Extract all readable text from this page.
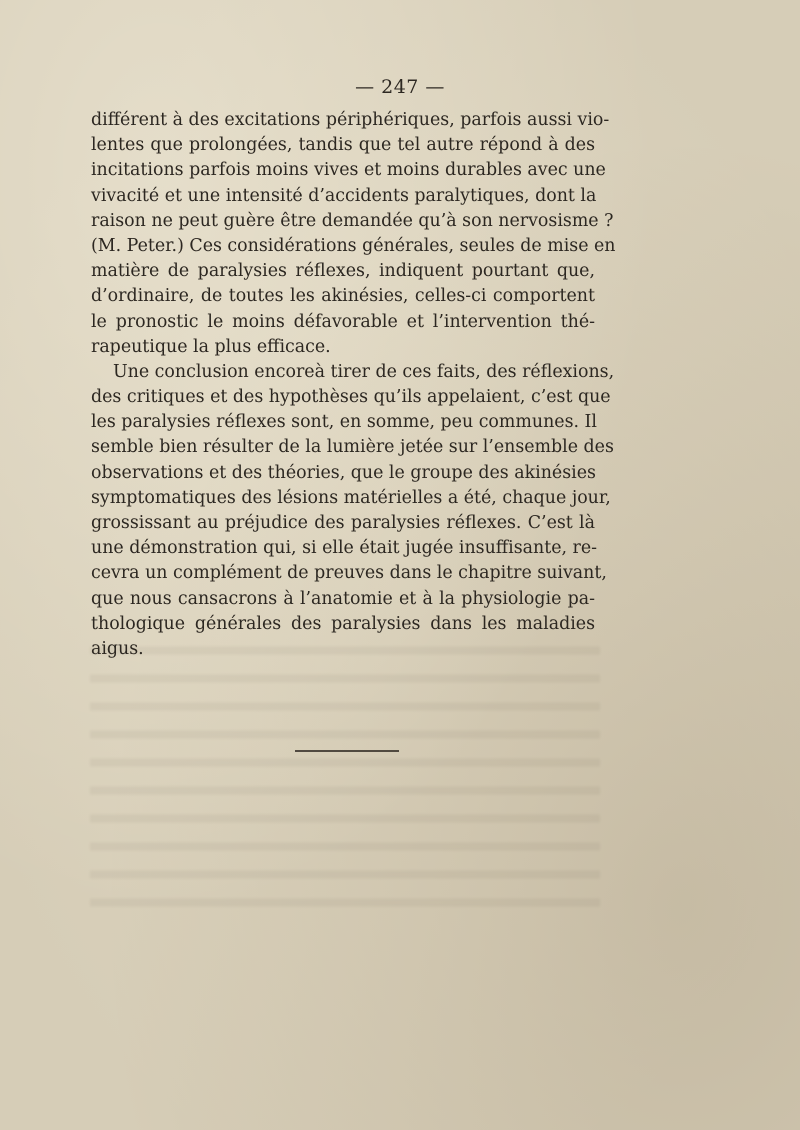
— 247 —
différent à des excitations périphériques, parfois aussi vio-
lentes que prolongées, tandis que tel autre répond à des
incitations parfois moins vives et moins durables avec une
vivacité et une intensité d’accidents paralytiques, dont la
raison ne peut guère être demandée qu’à son nervosisme ?
(M. Peter.) Ces considérations générales, seules de mise en
matière de paralysies réflexes, indiquent pourtant que,
d’ordinaire, de toutes les akinésies, celles-ci comportent
le pronostic le moins défavorable et l’intervention thé-
rapeutique la plus efficace.
Une conclusion encoreà tirer de ces faits, des réflexions,
des critiques et des hypothèses qu’ils appelaient, c’est que
les paralysies réflexes sont, en somme, peu communes. Il
semble bien résulter de la lumière jetée sur l’ensemble des
observations et des théories, que le groupe des akinésies
symptomatiques des lésions matérielles a été, chaque jour,
grossissant au préjudice des paralysies réflexes. C’est là
une démonstration qui, si elle était jugée insuffisante, re-
cevra un complément de preuves dans le chapitre suivant,
que nous cansacrons à l’anatomie et à la physiologie pa-
thologique générales des paralysies dans les maladies
aigus.
